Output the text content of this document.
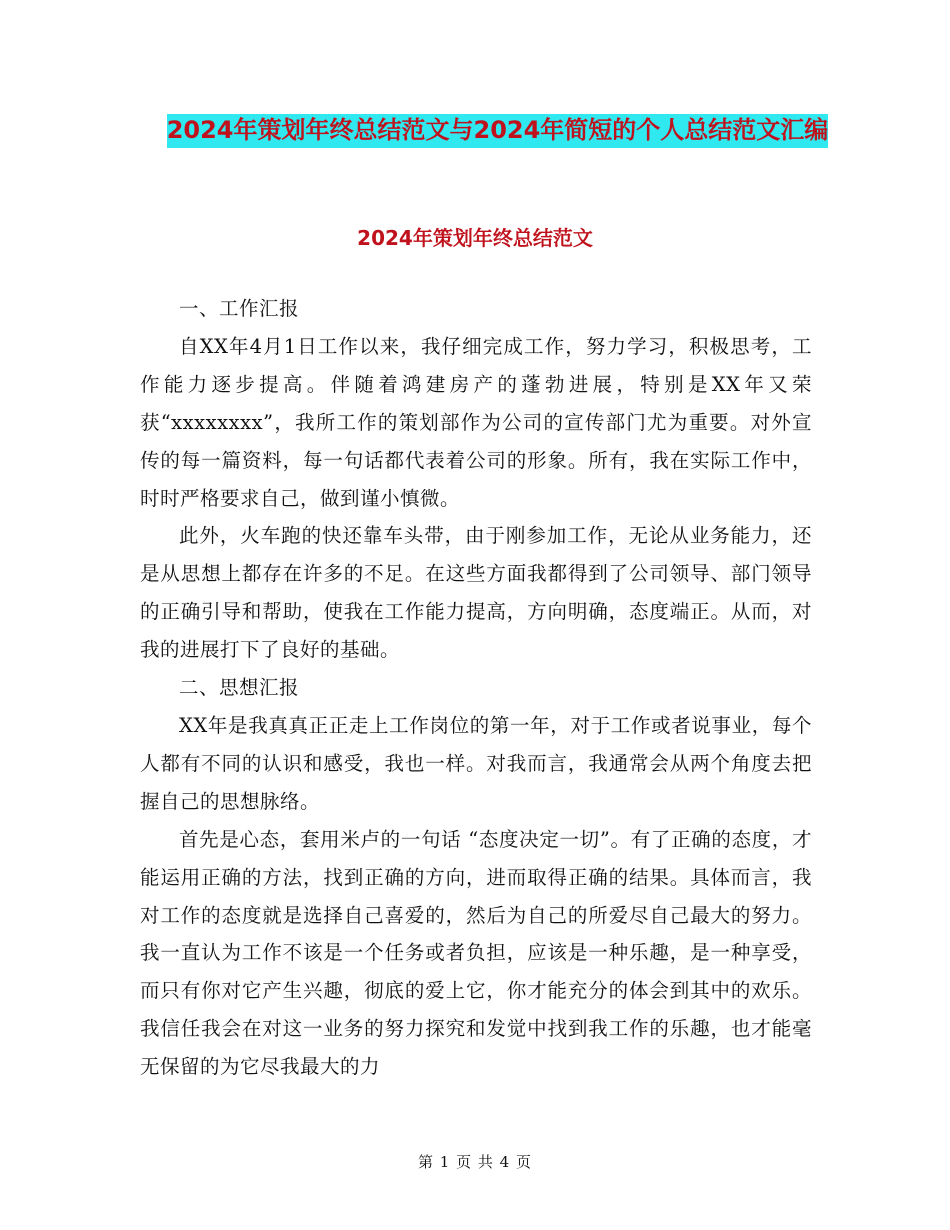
2024年策划年终总结范文与2024年简短的个人总结范文汇编
2024年策划年终总结范文

一、工作汇报

自XX年4月1日工作以来，我仔细完成工作，努力学习，积极思考，工作能力逐步提高。伴随着鸿建房产的蓬勃进展，特别是XX年又荣获“xxxxxxxx”，我所工作的策划部作为公司的宣传部门尤为重要。对外宣传的每一篇资料，每一句话都代表着公司的形象。所有，我在实际工作中，时时严格要求自己，做到谨小慎微。

此外，火车跑的快还靠车头带，由于刚参加工作，无论从业务能力，还是从思想上都存在许多的不足。在这些方面我都得到了公司领导、部门领导的正确引导和帮助，使我在工作能力提高，方向明确，态度端正。从而，对我的进展打下了良好的基础。

二、思想汇报

XX年是我真真正正走上工作岗位的第一年，对于工作或者说事业，每个人都有不同的认识和感受，我也一样。对我而言，我通常会从两个角度去把握自己的思想脉络。

首先是心态，套用米卢的一句话 “态度决定一切”。有了正确的态度，才能运用正确的方法，找到正确的方向，进而取得正确的结果。具体而言，我对工作的态度就是选择自己喜爱的，然后为自己的所爱尽自己最大的努力。我一直认为工作不该是一个任务或者负担，应该是一种乐趣，是一种享受，而只有你对它产生兴趣，彻底的爱上它，你才能充分的体会到其中的欢乐。我信任我会在对这一业务的努力探究和发觉中找到我工作的乐趣，也才能毫无保留的为它尽我最大的力

第 1 页 共 4 页
